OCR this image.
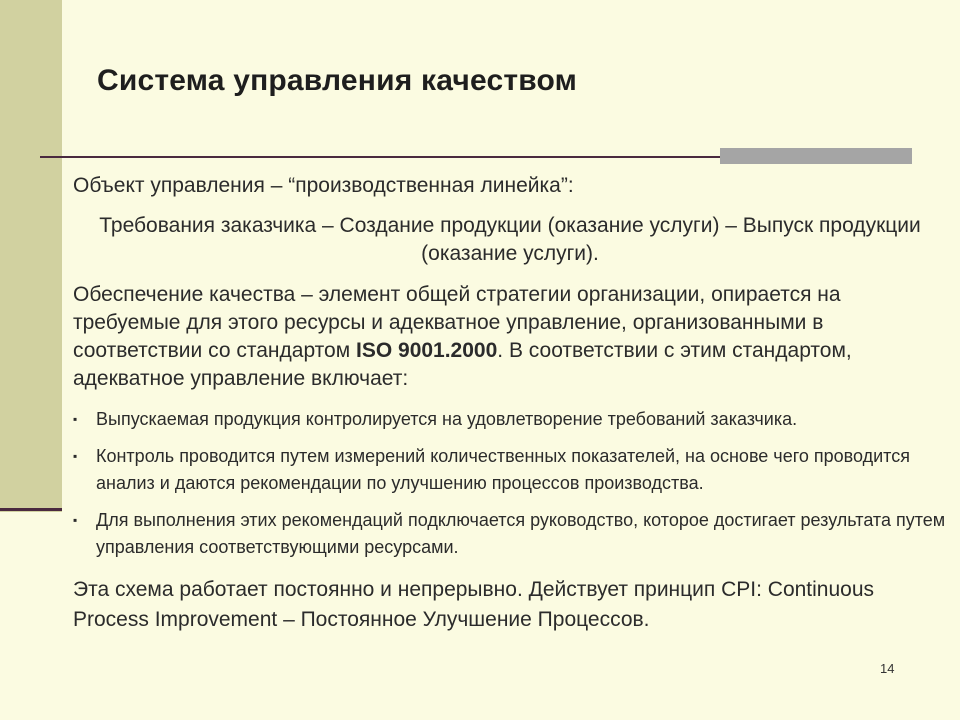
Система управления качеством

Объект управления – “производственная линейка”:

Требования заказчика – Создание продукции (оказание услуги) – Выпуск продукции (оказание услуги).

Обеспечение качества – элемент общей стратегии организации, опирается на требуемые для этого ресурсы и адекватное управление, организованными в соответствии со стандартом ISO 9001.2000. В соответствии с этим стандартом, адекватное управление включает:

▪ Выпускаемая продукция контролируется на удовлетворение требований заказчика.
▪ Контроль проводится путем измерений количественных показателей, на основе чего проводится анализ и даются рекомендации по улучшению процессов производства.
▪ Для выполнения этих рекомендаций подключается руководство, которое достигает результата путем управления соответствующими ресурсами.

Эта схема работает постоянно и непрерывно. Действует принцип CPI: Continuous Process Improvement – Постоянное Улучшение Процессов.

14
